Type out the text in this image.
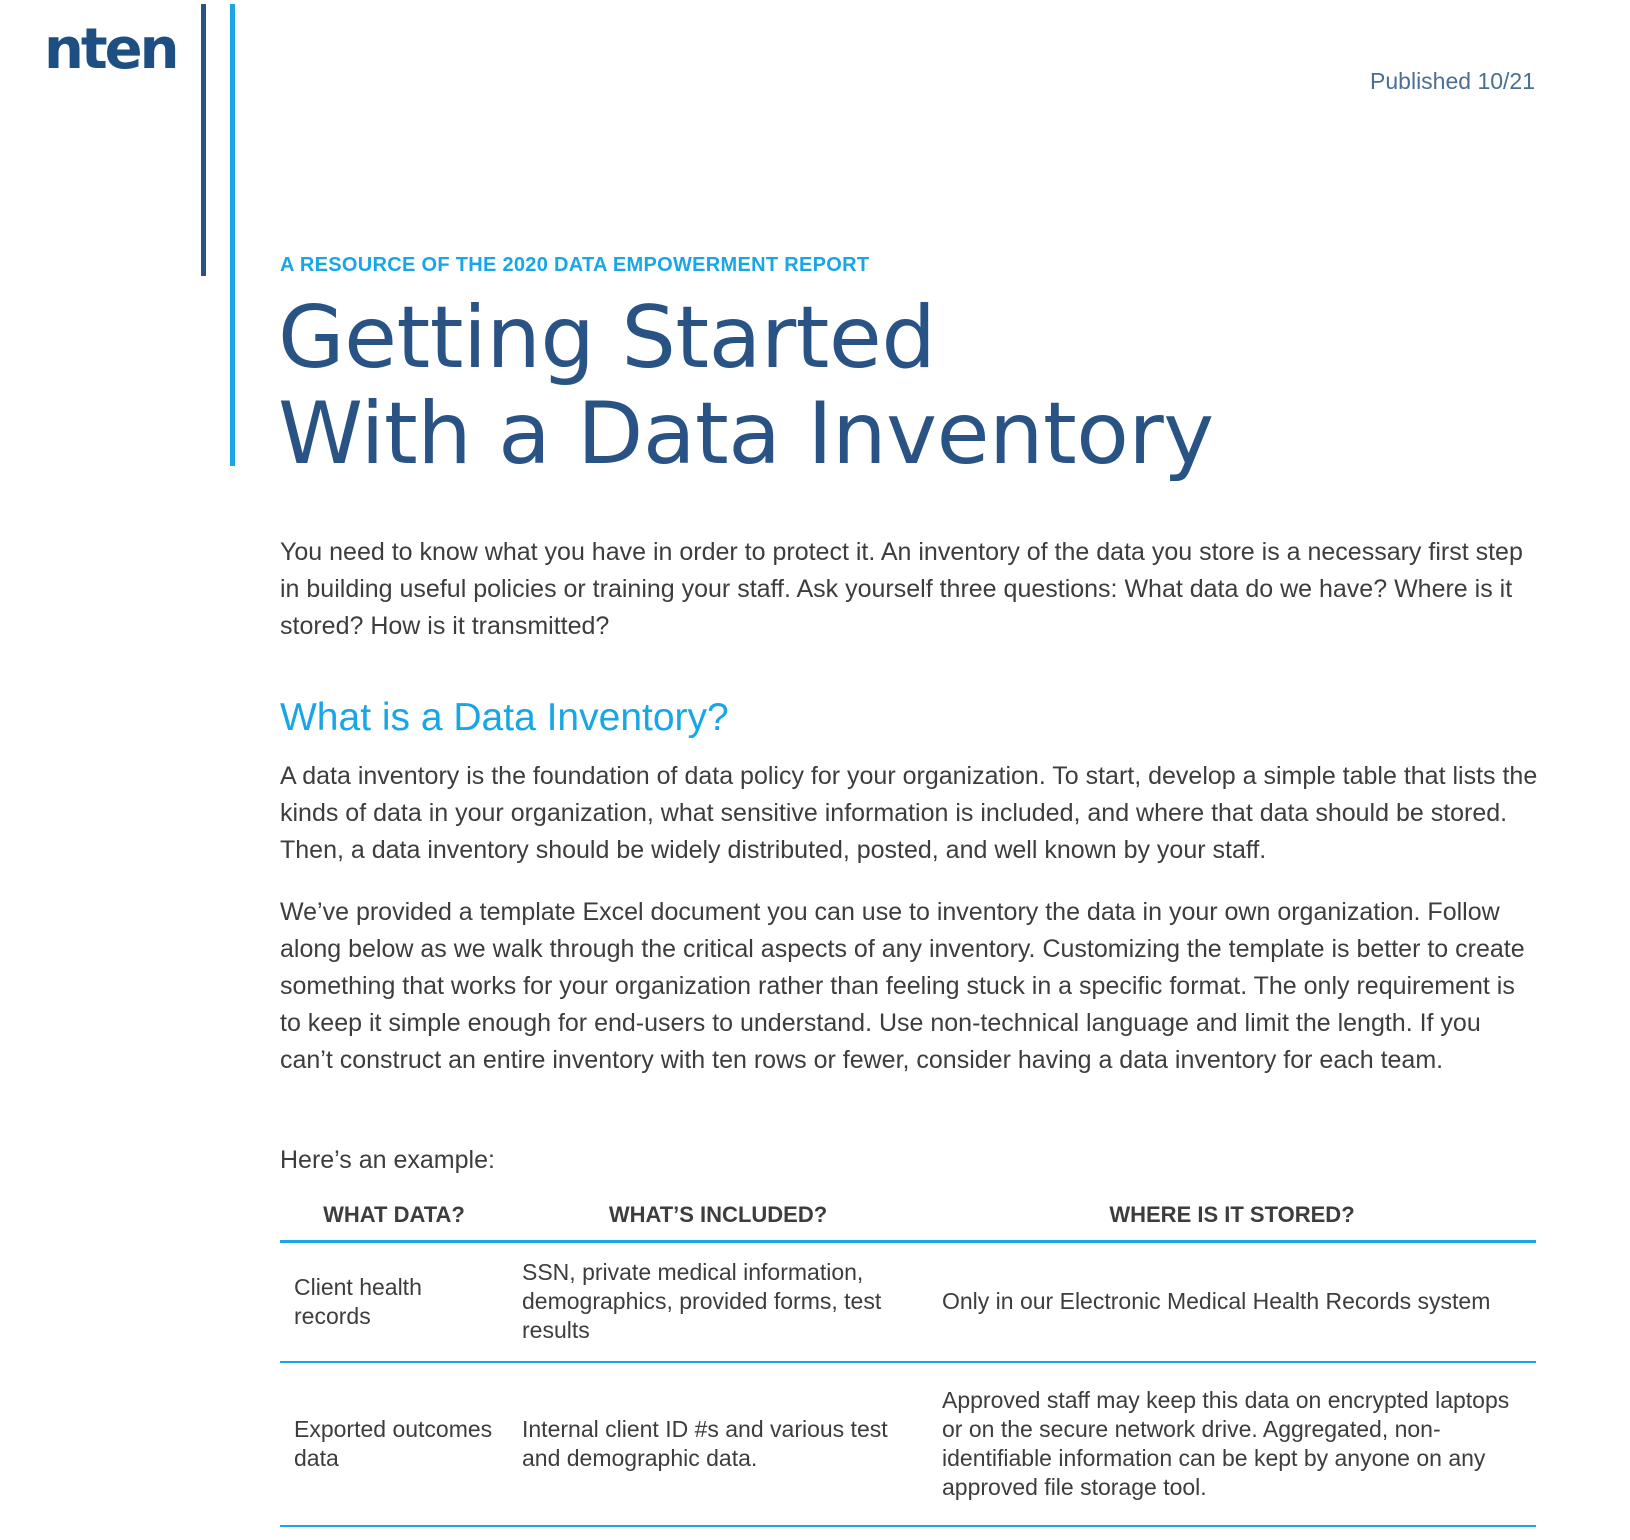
nten	Published 10/21
A RESOURCE OF THE 2020 DATA EMPOWERMENT REPORT
Getting Started
With a Data Inventory

You need to know what you have in order to protect it. An inventory of the data you store is a necessary first step in building useful policies or training your staff. Ask yourself three questions: What data do we have? Where is it stored? How is it transmitted?

What is a Data Inventory?

A data inventory is the foundation of data policy for your organization. To start, develop a simple table that lists the kinds of data in your organization, what sensitive information is included, and where that data should be stored. Then, a data inventory should be widely distributed, posted, and well known by your staff.

We’ve provided a template Excel document you can use to inventory the data in your own organization. Follow along below as we walk through the critical aspects of any inventory. Customizing the template is better to create something that works for your organization rather than feeling stuck in a specific format. The only requirement is to keep it simple enough for end-users to understand. Use non-technical language and limit the length. If you can’t construct an entire inventory with ten rows or fewer, consider having a data inventory for each team.

Here’s an example:

WHAT DATA?	WHAT’S INCLUDED?	WHERE IS IT STORED?
Client health records	SSN, private medical information, demographics, provided forms, test results	Only in our Electronic Medical Health Records system
Exported outcomes data	Internal client ID #s and various test and demographic data.	Approved staff may keep this data on encrypted laptops or on the secure network drive. Aggregated, non-identifiable information can be kept by anyone on any approved file storage tool.
